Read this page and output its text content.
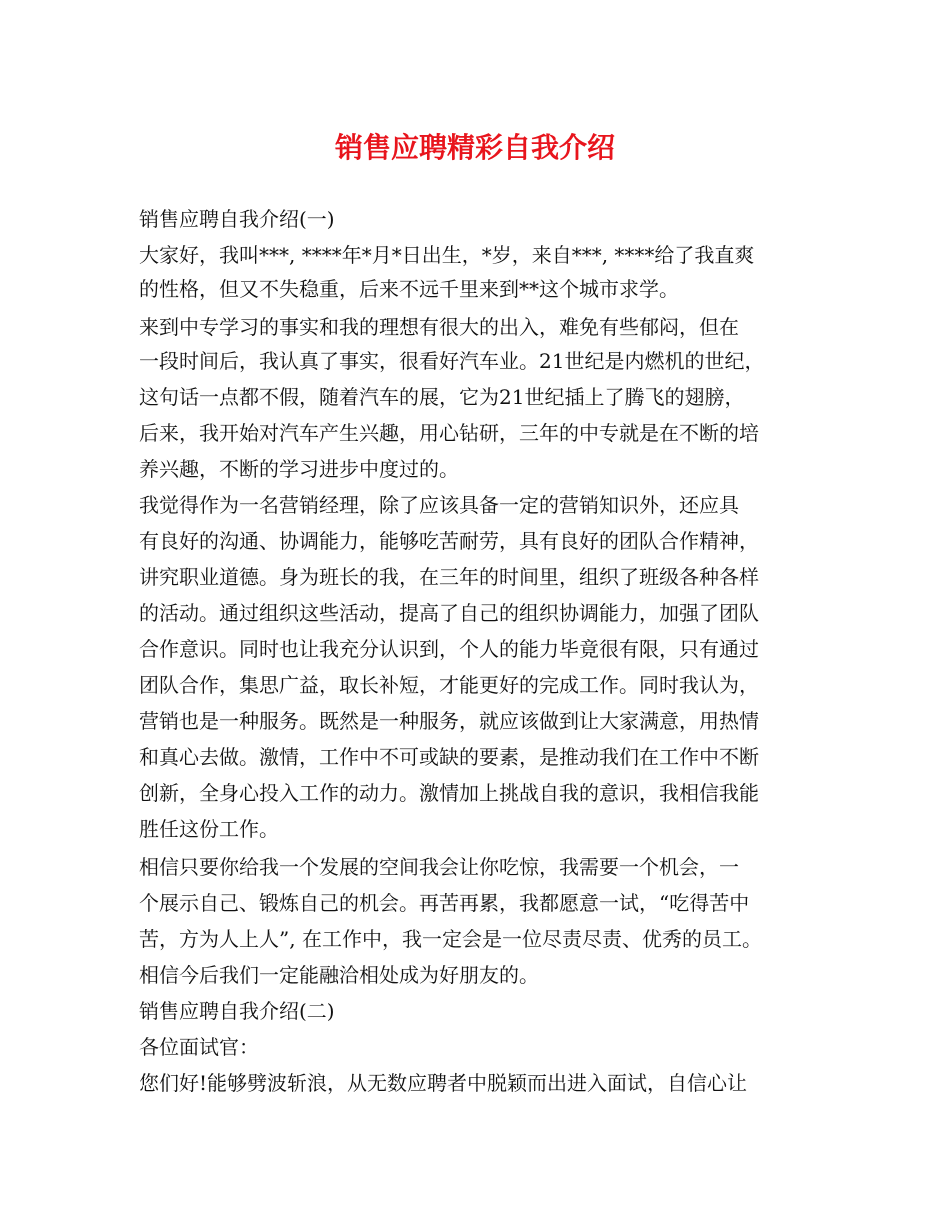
销售应聘精彩自我介绍

销售应聘自我介绍(一)

大家好，我叫***, ****年*月*日出生，*岁，来自***, ****给了我直爽

的性格，但又不失稳重，后来不远千里来到**这个城市求学。

来到中专学习的事实和我的理想有很大的出入，难免有些郁闷，但在

一段时间后，我认真了事实，很看好汽车业。21世纪是内燃机的世纪，

这句话一点都不假，随着汽车的展，它为21世纪插上了腾飞的翅膀，

后来，我开始对汽车产生兴趣，用心钻研，三年的中专就是在不断的培

养兴趣，不断的学习进步中度过的。

我觉得作为一名营销经理，除了应该具备一定的营销知识外，还应具

有良好的沟通、协调能力，能够吃苦耐劳，具有良好的团队合作精神，

讲究职业道德。身为班长的我，在三年的时间里，组织了班级各种各样

的活动。通过组织这些活动，提高了自己的组织协调能力，加强了团队

合作意识。同时也让我充分认识到，个人的能力毕竟很有限，只有通过

团队合作，集思广益，取长补短，才能更好的完成工作。同时我认为，

营销也是一种服务。既然是一种服务，就应该做到让大家满意，用热情

和真心去做。激情，工作中不可或缺的要素，是推动我们在工作中不断

创新，全身心投入工作的动力。激情加上挑战自我的意识，我相信我能

胜任这份工作。

相信只要你给我一个发展的空间我会让你吃惊，我需要一个机会，一

个展示自己、锻炼自己的机会。再苦再累，我都愿意一试，“吃得苦中

苦，方为人上人”, 在工作中，我一定会是一位尽责尽责、优秀的员工。

相信今后我们一定能融洽相处成为好朋友的。

销售应聘自我介绍(二)

各位面试官：

您们好!能够劈波斩浪，从无数应聘者中脱颖而出进入面试，自信心让
